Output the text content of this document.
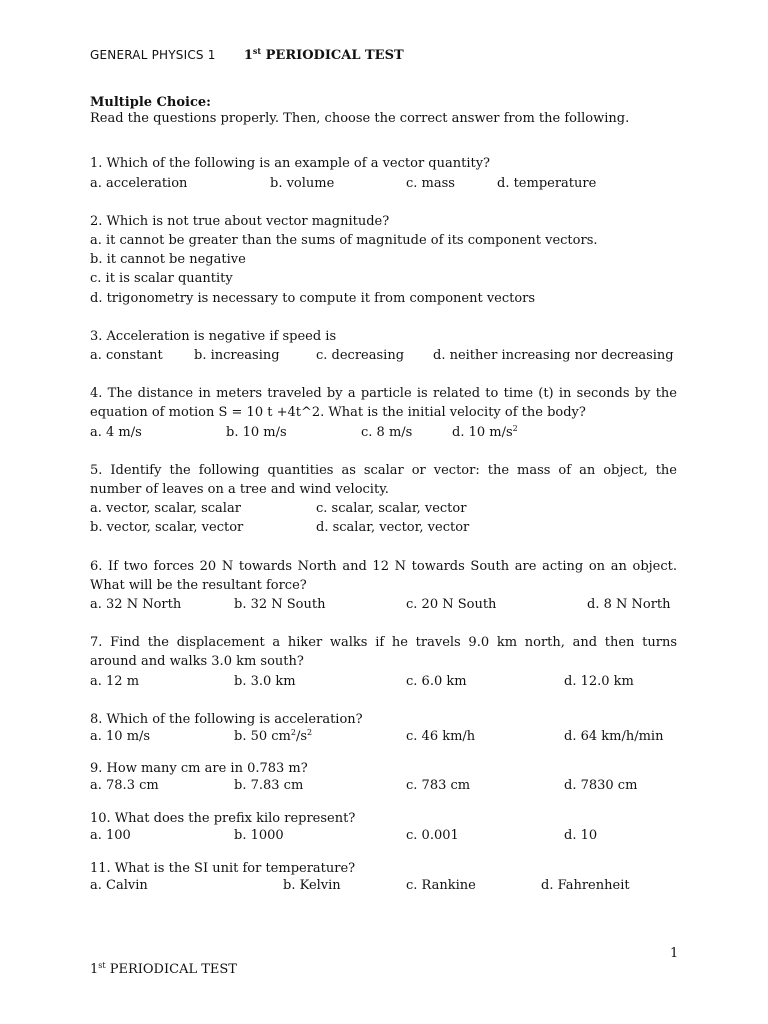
GENERAL PHYSICS 1 1st PERIODICAL TEST
Multiple Choice:
Read the questions properly. Then, choose the correct answer from the following.
1. Which of the following is an example of a vector quantity?
a. acceleration	b. volume	c. mass	d. temperature
2. Which is not true about vector magnitude?
a. it cannot be greater than the sums of magnitude of its component vectors.
b. it cannot be negative
c. it is scalar quantity
d. trigonometry is necessary to compute it from component vectors
3. Acceleration is negative if speed is
a. constant b. increasing	c. decreasing d. neither increasing nor decreasing
4. The distance in meters traveled by a particle is related to time (t) in seconds by the
equation of motion S = 10 t +4t^2. What is the initial velocity of the body?
a. 4 m/s	b. 10 m/s	c. 8 m/s	d. 10 $m/s^2$
5. Identify the following quantities as scalar or vector: the mass of an object, the
number of leaves on a tree and wind velocity.
a. vector, scalar, scalar	c. scalar, scalar, vector
b. vector, scalar, vector	d. scalar, vector, vector
6. If two forces 20 N towards North and 12 N towards South are acting on an object.
What will be the resultant force?
a. 32 N North	b. 32 N South	c. 20 N South	d. 8 N North
7. Find the displacement a hiker walks if he travels 9.0 km north, and then turns
around and walks 3.0 km south?
a. 12 m	b. 3.0 km	c. 6.0 km	d. 12.0 km
8. Which of the following is acceleration?
a. 10 m/s	b. 50 $cm^2/s^2$	c. 46 km/h	d. 64 km/h/min
9. How many cm are in 0.783 m?
a. 78.3 cm	b. 7.83 cm	c. 783 cm	d. 7830 cm
10. What does the prefix kilo represent?
a. 100	b. 1000	c. 0.001	d. 10
11. What is the SI unit for temperature?
a. Calvin	b. Kelvin	c. Rankine	d. Fahrenheit
1
1st PERIODICAL TEST
